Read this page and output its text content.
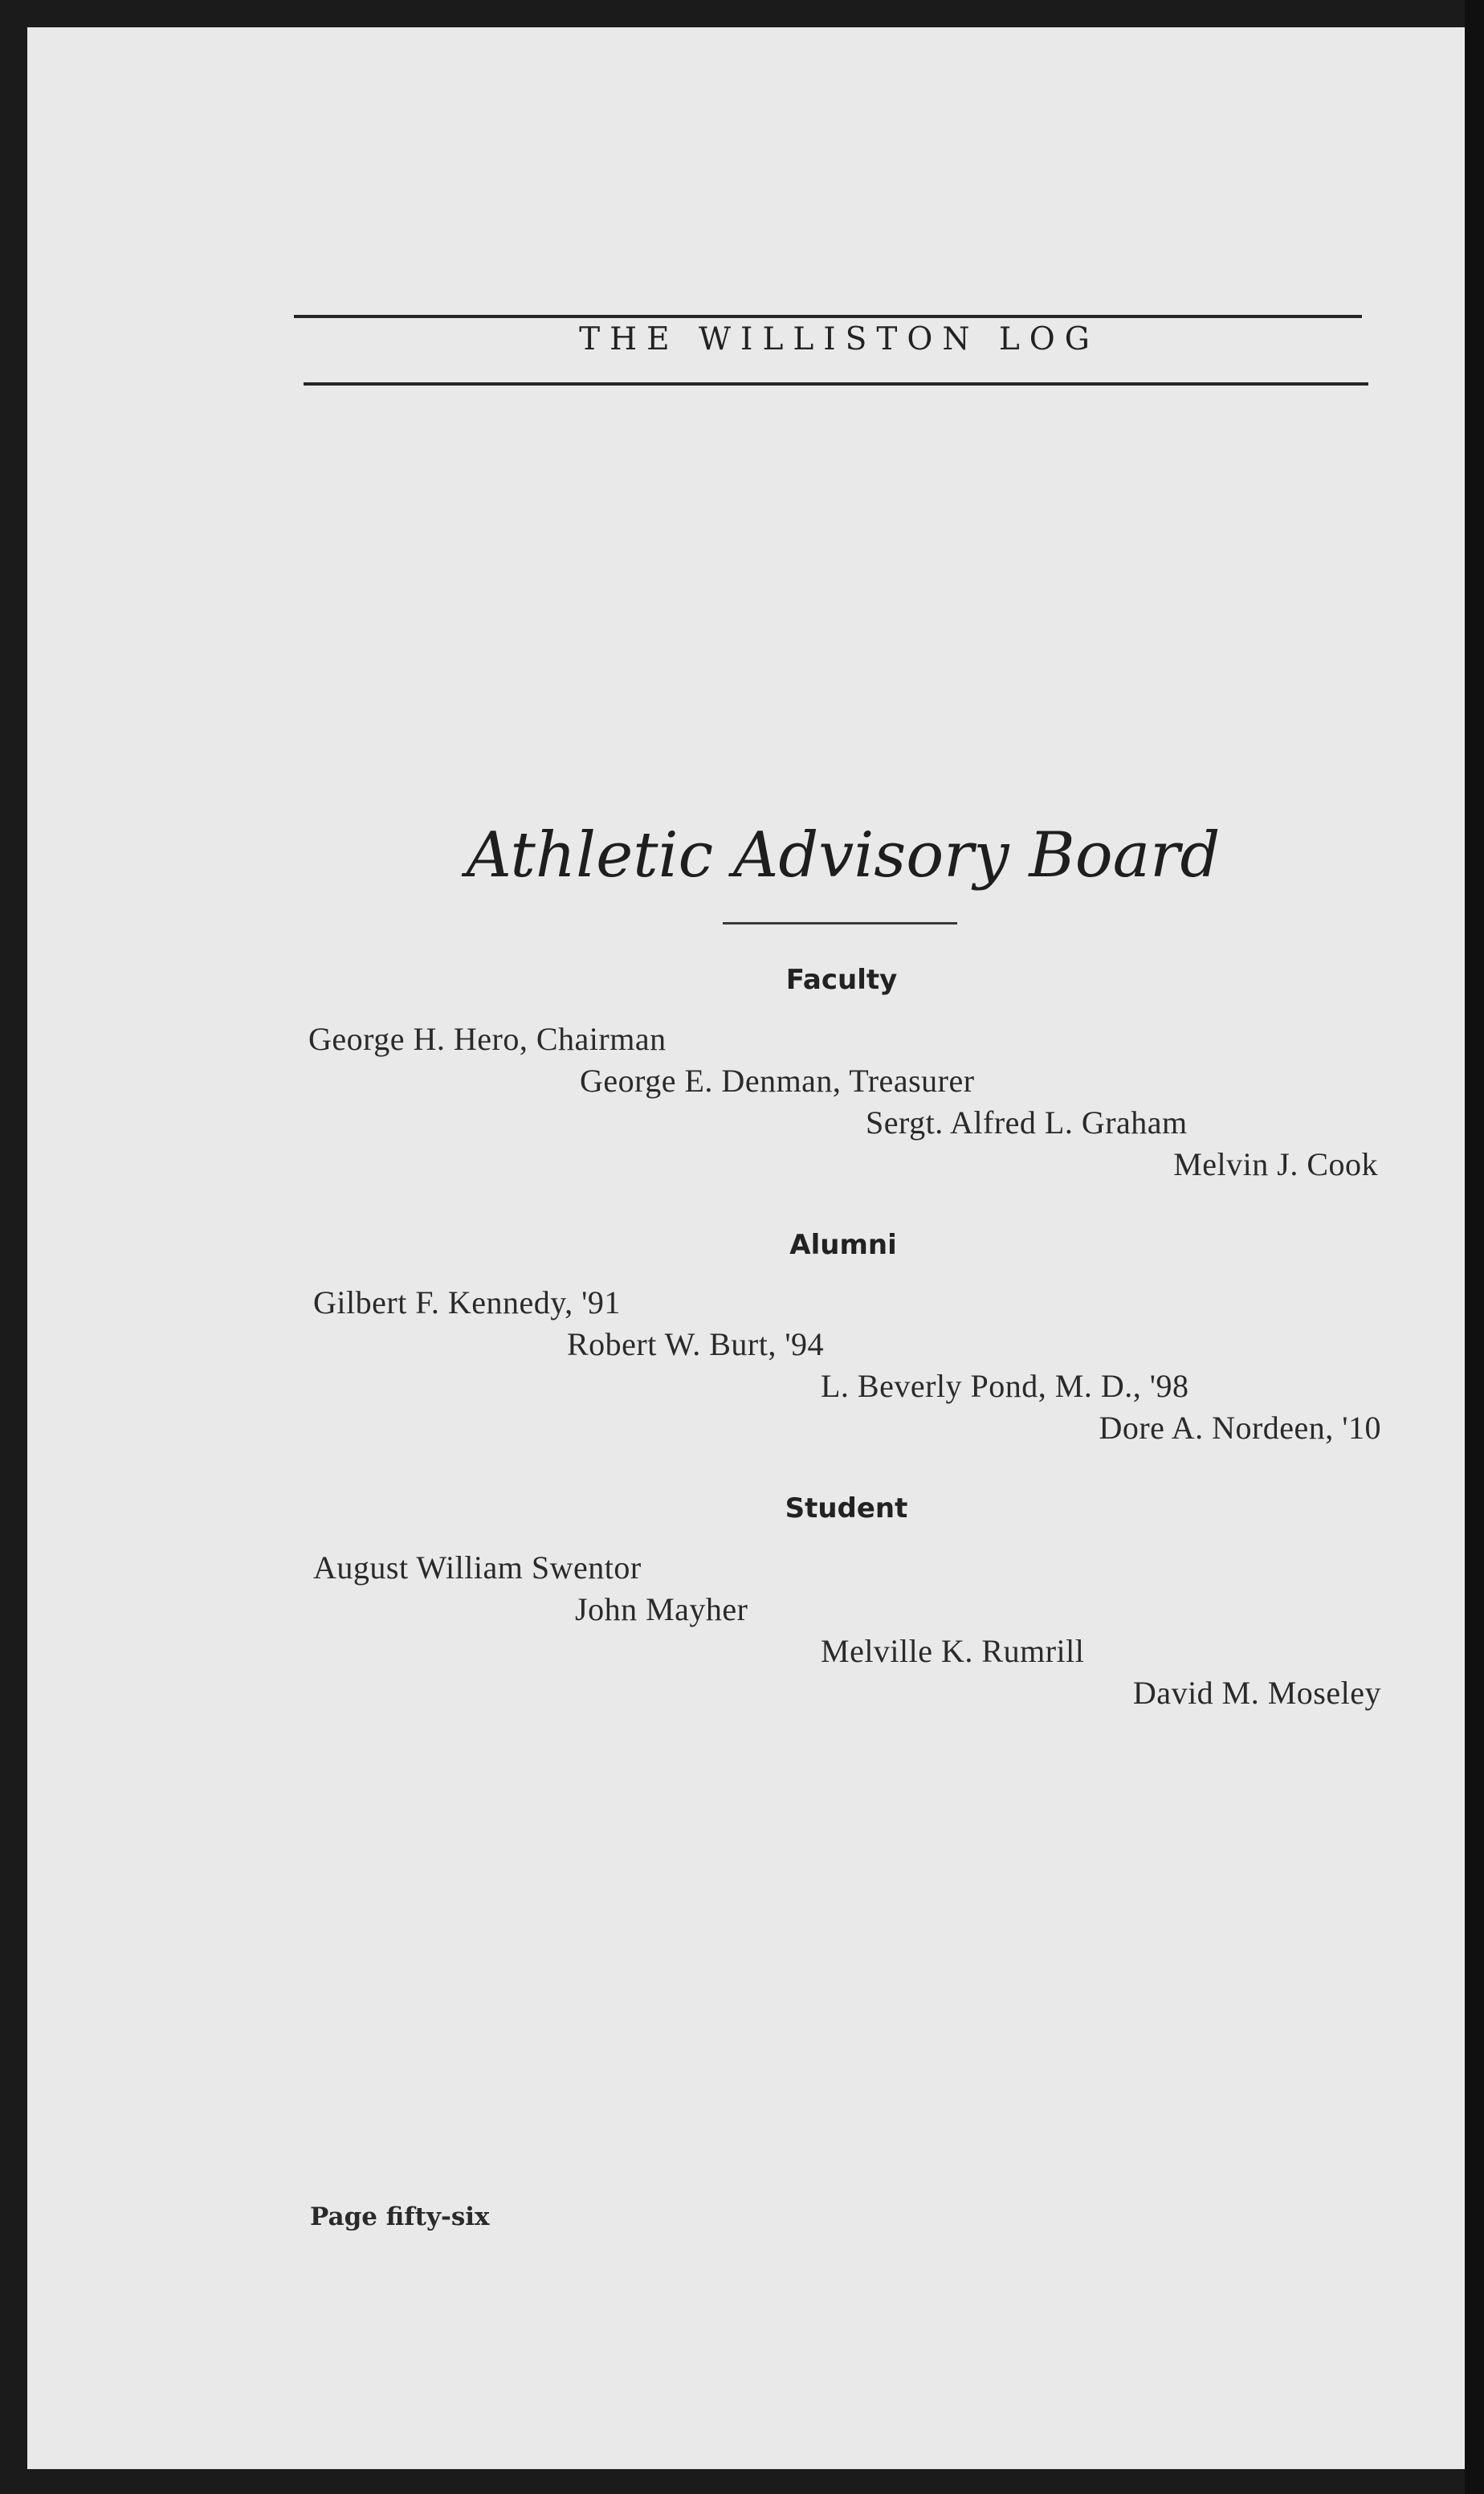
THE WILLISTON LOG
Athletic Advisory Board
Faculty
George H. Hero, Chairman
George E. Denman, Treasurer
Sergt. Alfred L. Graham
Melvin J. Cook
Alumni
Gilbert F. Kennedy, '91
Robert W. Burt, '94
L. Beverly Pond, M. D., '98
Dore A. Nordeen, '10
Student
August William Swentor
John Mayher
Melville K. Rumrill
David M. Moseley
Page fifty-six
